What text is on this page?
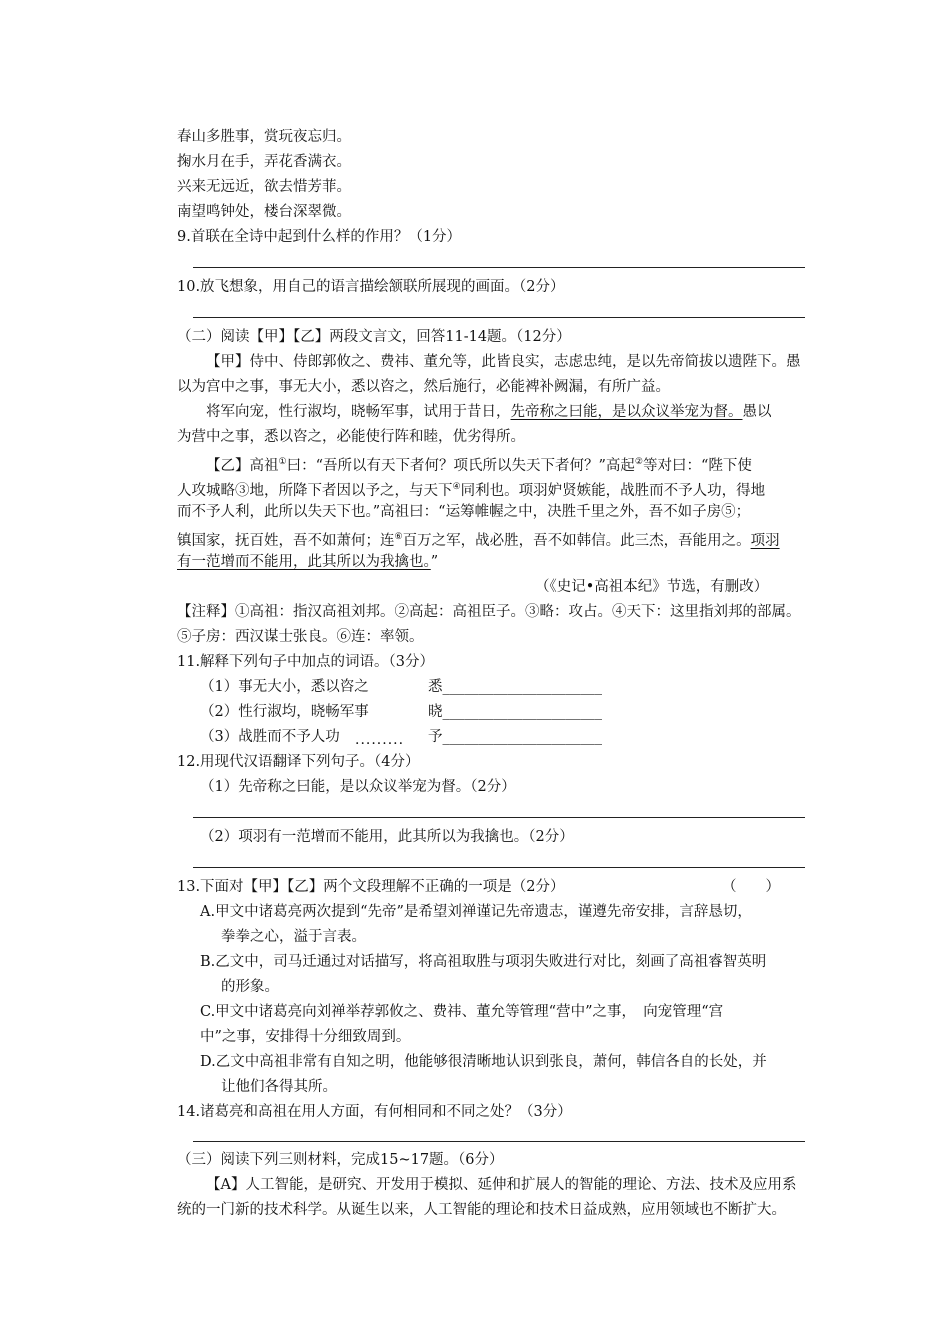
春山多胜事，赏玩夜忘归。
掬水月在手，弄花香满衣。
兴来无远近，欲去惜芳菲。
南望鸣钟处，楼台深翠微。
9.首联在全诗中起到什么样的作用？（1分）
10.放飞想象，用自己的语言描绘颔联所展现的画面。（2分）
（二）阅读【甲】【乙】两段文言文，回答11-14题。（12分）
【甲】侍中、侍郎郭攸之、费祎、董允等，此皆良实，志虑忠纯，是以先帝简拔以遗陛下。愚
以为宫中之事，事无大小，悉以咨之，然后施行，必能裨补阙漏，有所广益。
将军向宠，性行淑均，晓畅军事，试用于昔日，先帝称之曰能，是以众议举宠为督。愚以
为营中之事，悉以咨之，必能使行阵和睦，优劣得所。
【乙】高祖①曰：“吾所以有天下者何？项氏所以失天下者何？”高起②等对曰：“陛下使
人攻城略③地，所降下者因以予之，与天下④同利也。项羽妒贤嫉能，战胜而不予人功，得地
而不予人利，此所以失天下也。”高祖曰：“运筹帷幄之中，决胜千里之外，吾不如子房⑤；
镇国家，抚百姓，吾不如萧何；连⑥百万之军，战必胜，吾不如韩信。此三杰，吾能用之。项羽
有一范增而不能用，此其所以为我擒也。”
（《史记•高祖本纪》节选，有删改）
【注释】①高祖：指汉高祖刘邦。②高起：高祖臣子。③略：攻占。④天下：这里指刘邦的部属。
⑤子房：西汉谋士张良。⑥连：率领。
11.解释下列句子中加点的词语。（3分）
（1）事无大小，悉以咨之	悉______________________
（2）性行淑均，晓畅军事	晓______________________
（3）战胜而不予人功	予______________________
·········
12.用现代汉语翻译下列句子。（4分）
（1）先帝称之曰能，是以众议举宠为督。（2分）
（2）项羽有一范增而不能用，此其所以为我擒也。（2分）
13.下面对【甲】【乙】两个文段理解不正确的一项是（2分）	（　　）
A.甲文中诸葛亮两次提到“先帝”是希望刘禅谨记先帝遗志，谨遵先帝安排，言辞恳切，
拳拳之心，溢于言表。
B.乙文中，司马迁通过对话描写，将高祖取胜与项羽失败进行对比，刻画了高祖睿智英明
的形象。
C.甲文中诸葛亮向刘禅举荐郭攸之、费祎、董允等管理“营中”之事，　向宠管理“宫
中”之事，安排得十分细致周到。
D.乙文中高祖非常有自知之明，他能够很清晰地认识到张良，萧何，韩信各自的长处，并
让他们各得其所。
14.诸葛亮和高祖在用人方面，有何相同和不同之处？（3分）
（三）阅读下列三则材料，完成15~17题。（6分）
【A】人工智能，是研究、开发用于模拟、延伸和扩展人的智能的理论、方法、技术及应用系
统的一门新的技术科学。从诞生以来，人工智能的理论和技术日益成熟，应用领域也不断扩大。
